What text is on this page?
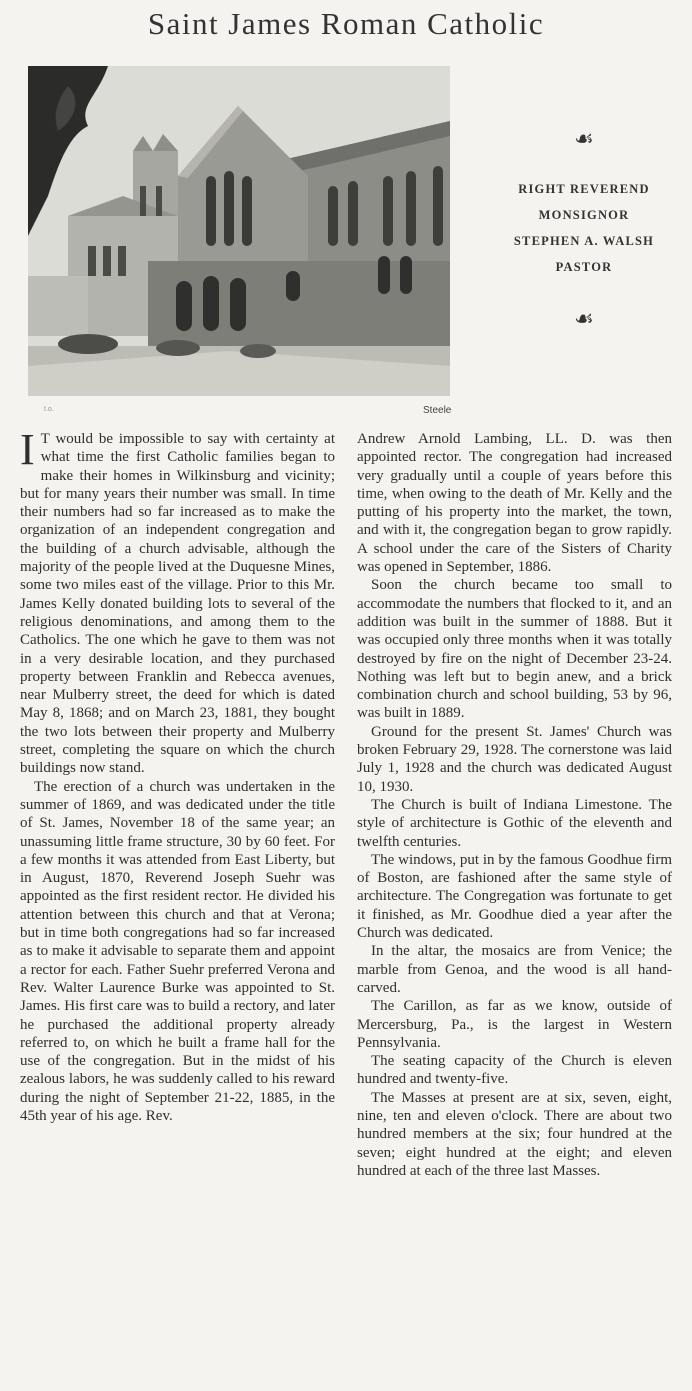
Saint James Roman Catholic
t.o.	Steele
☙
RIGHT REVEREND
MONSIGNOR
STEPHEN A. WALSH
PASTOR
☙

I T would be impossible to say with certainty at what time the first Catholic families began to make their homes in Wilkinsburg and vicinity; but for many years their number was small. In time their numbers had so far increased as to make the organization of an independent congregation and the building of a church advisable, although the majority of the people lived at the Duquesne Mines, some two miles east of the village. Prior to this Mr. James Kelly donated building lots to several of the religious denominations, and among them to the Catholics. The one which he gave to them was not in a very desirable location, and they purchased property between Franklin and Rebecca avenues, near Mulberry street, the deed for which is dated May 8, 1868; and on March 23, 1881, they bought the two lots between their property and Mulberry street, completing the square on which the church buildings now stand.

The erection of a church was undertaken in the summer of 1869, and was dedicated under the title of St. James, November 18 of the same year; an unassuming little frame structure, 30 by 60 feet. For a few months it was attended from East Liberty, but in August, 1870, Reverend Joseph Suehr was appointed as the first resident rector. He divided his attention between this church and that at Verona; but in time both congregations had so far increased as to make it advisable to separate them and appoint a rector for each. Father Suehr preferred Verona and Rev. Walter Laurence Burke was appointed to St. James. His first care was to build a rectory, and later he purchased the additional property already referred to, on which he built a frame hall for the use of the congregation. But in the midst of his zealous labors, he was suddenly called to his reward during the night of September 21-22, 1885, in the 45th year of his age. Rev.

Andrew Arnold Lambing, LL. D. was then appointed rector. The congregation had increased very gradually until a couple of years before this time, when owing to the death of Mr. Kelly and the putting of his property into the market, the town, and with it, the congregation began to grow rapidly. A school under the care of the Sisters of Charity was opened in September, 1886.

Soon the church became too small to accommodate the numbers that flocked to it, and an addition was built in the summer of 1888. But it was occupied only three months when it was totally destroyed by fire on the night of December 23-24. Nothing was left but to begin anew, and a brick combination church and school building, 53 by 96, was built in 1889.

Ground for the present St. James' Church was broken February 29, 1928. The cornerstone was laid July 1, 1928 and the church was dedicated August 10, 1930.

The Church is built of Indiana Limestone. The style of architecture is Gothic of the eleventh and twelfth centuries.

The windows, put in by the famous Goodhue firm of Boston, are fashioned after the same style of architecture. The Congregation was fortunate to get it finished, as Mr. Goodhue died a year after the Church was dedicated.

In the altar, the mosaics are from Venice; the marble from Genoa, and the wood is all hand-carved.

The Carillon, as far as we know, outside of Mercersburg, Pa., is the largest in Western Pennsylvania.

The seating capacity of the Church is eleven hundred and twenty-five.

The Masses at present are at six, seven, eight, nine, ten and eleven o'clock. There are about two hundred members at the six; four hundred at the seven; eight hundred at the eight; and eleven hundred at each of the three last Masses.
